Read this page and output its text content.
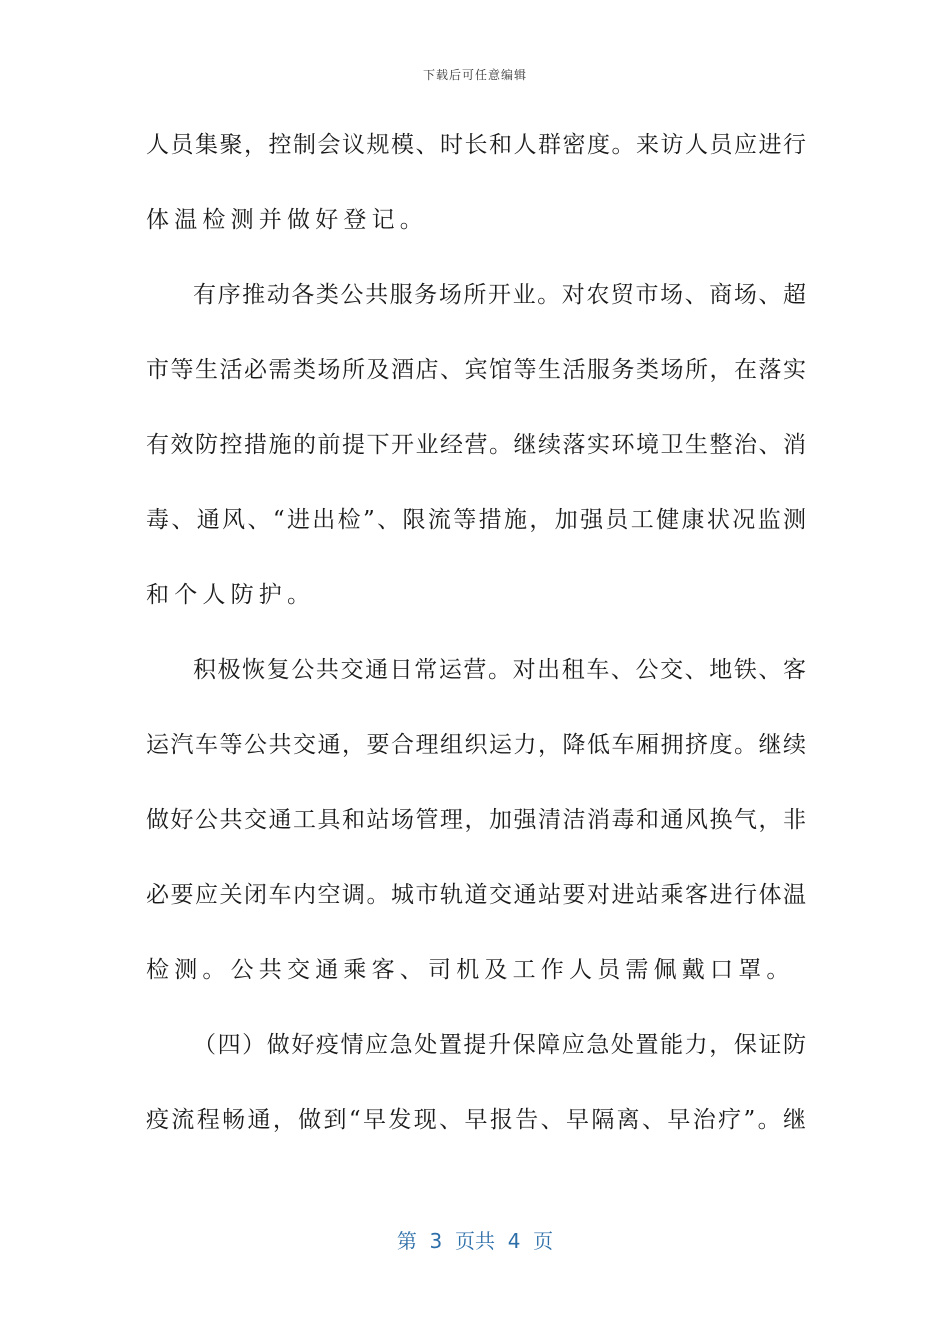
下载后可任意编辑
人员集聚，控制会议规模、时长和人群密度。来访人员应进行
体温检测并做好登记。
有序推动各类公共服务场所开业。对农贸市场、商场、超
市等生活必需类场所及酒店、宾馆等生活服务类场所，在落实
有效防控措施的前提下开业经营。继续落实环境卫生整治、消
毒、通风、“进出检”、限流等措施，加强员工健康状况监测
和个人防护。
积极恢复公共交通日常运营。对出租车、公交、地铁、客
运汽车等公共交通，要合理组织运力，降低车厢拥挤度。继续
做好公共交通工具和站场管理，加强清洁消毒和通风换气，非
必要应关闭车内空调。城市轨道交通站要对进站乘客进行体温
检测。公共交通乘客、司机及工作人员需佩戴口罩。
（四）做好疫情应急处置提升保障应急处置能力，保证防
疫流程畅通，做到“早发现、早报告、早隔离、早治疗”。继
第  3  页共  4  页
